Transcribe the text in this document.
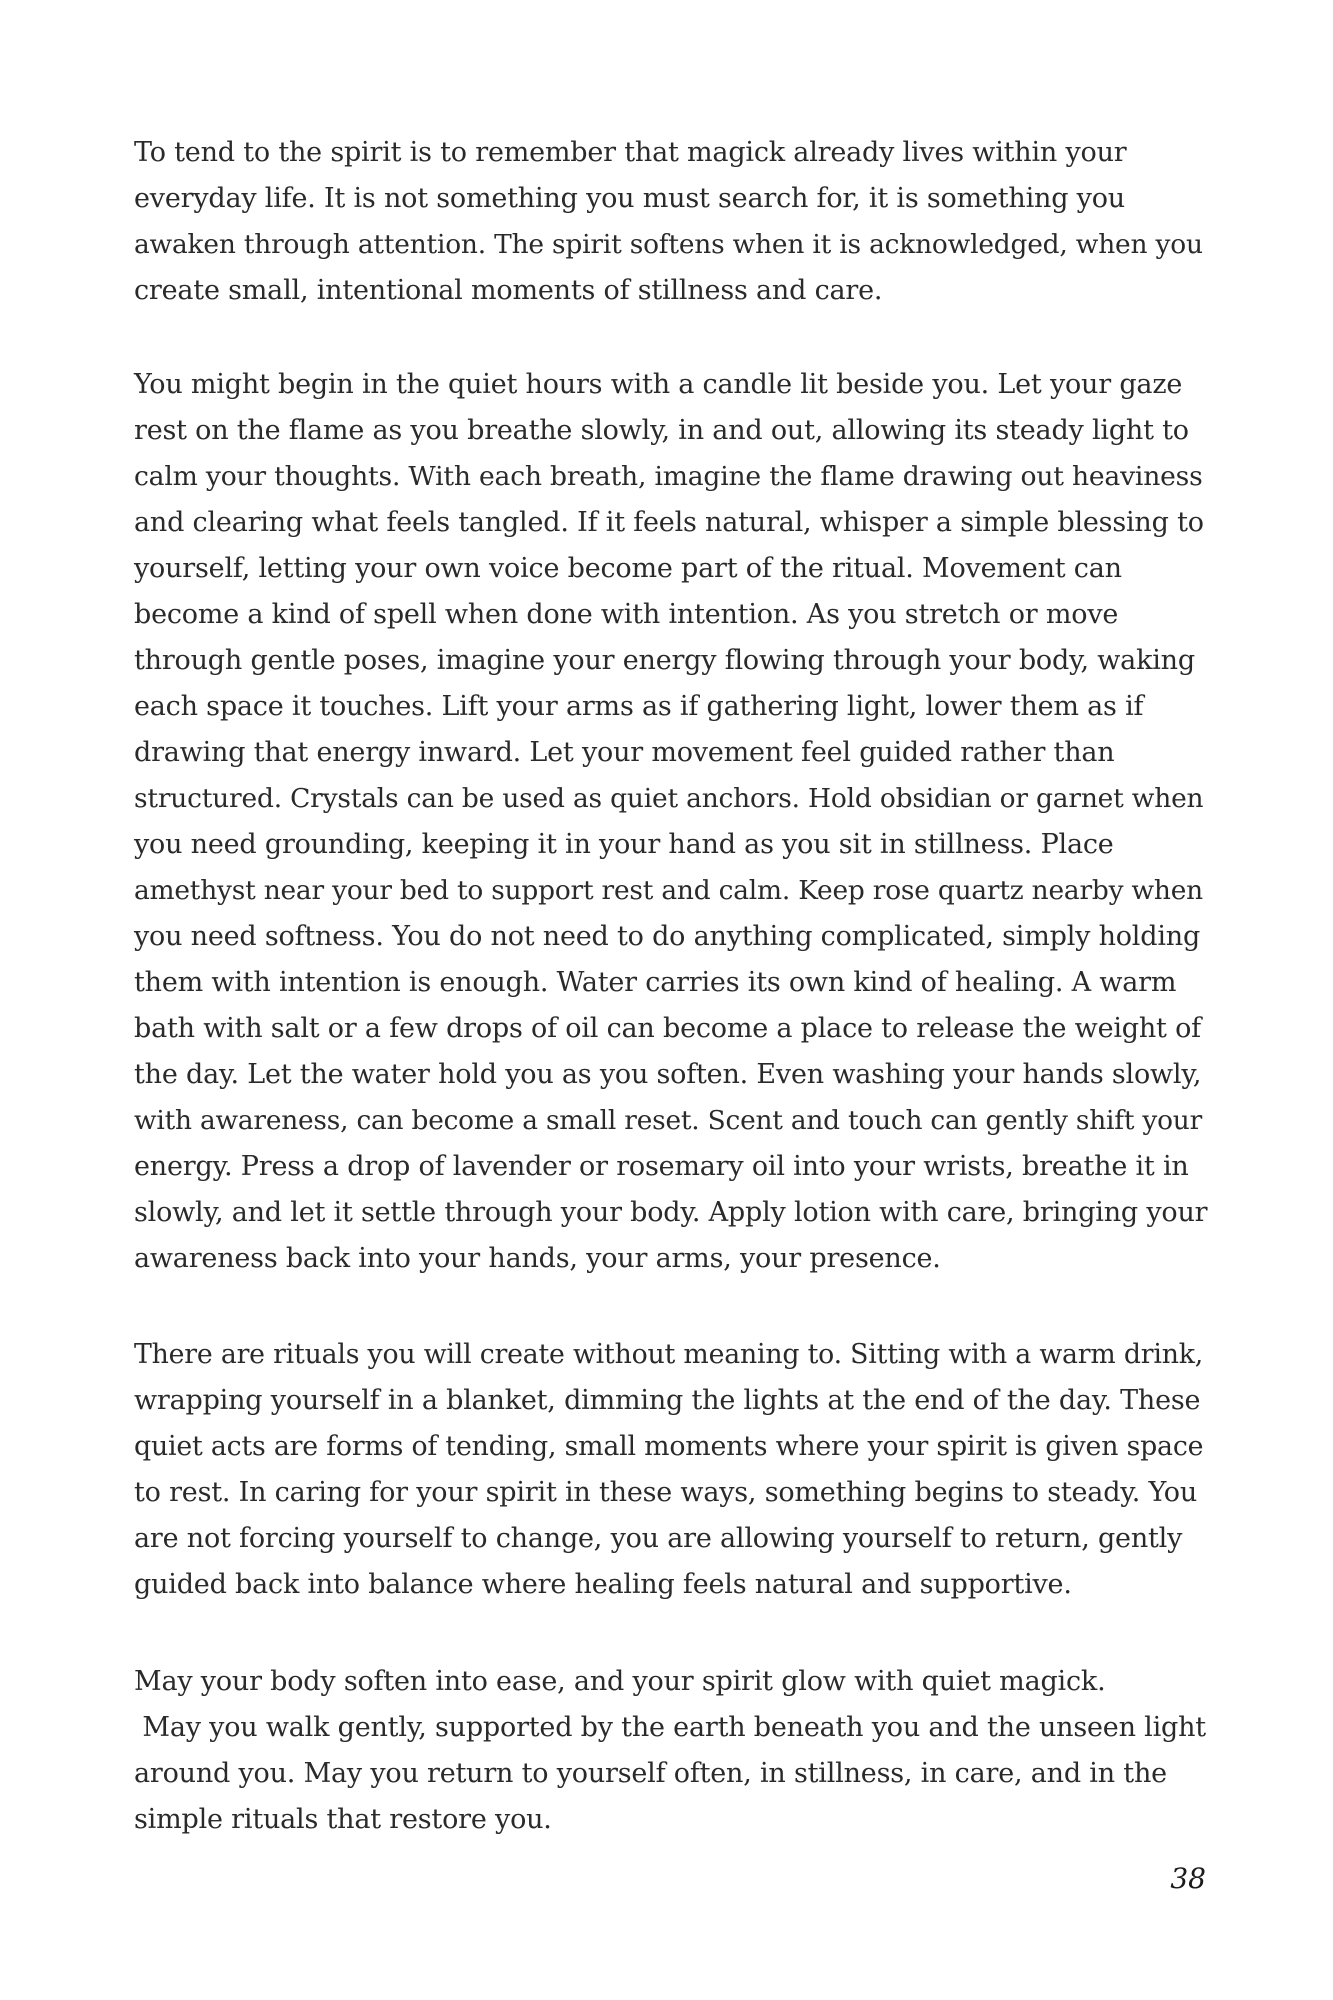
To tend to the spirit is to remember that magick already lives within your
everyday life. It is not something you must search for, it is something you
awaken through attention. The spirit softens when it is acknowledged, when you
create small, intentional moments of stillness and care.
You might begin in the quiet hours with a candle lit beside you. Let your gaze
rest on the flame as you breathe slowly, in and out, allowing its steady light to
calm your thoughts. With each breath, imagine the flame drawing out heaviness
and clearing what feels tangled. If it feels natural, whisper a simple blessing to
yourself, letting your own voice become part of the ritual. Movement can
become a kind of spell when done with intention. As you stretch or move
through gentle poses, imagine your energy flowing through your body, waking
each space it touches. Lift your arms as if gathering light, lower them as if
drawing that energy inward. Let your movement feel guided rather than
structured. Crystals can be used as quiet anchors. Hold obsidian or garnet when
you need grounding, keeping it in your hand as you sit in stillness. Place
amethyst near your bed to support rest and calm. Keep rose quartz nearby when
you need softness. You do not need to do anything complicated, simply holding
them with intention is enough. Water carries its own kind of healing. A warm
bath with salt or a few drops of oil can become a place to release the weight of
the day. Let the water hold you as you soften. Even washing your hands slowly,
with awareness, can become a small reset. Scent and touch can gently shift your
energy. Press a drop of lavender or rosemary oil into your wrists, breathe it in
slowly, and let it settle through your body. Apply lotion with care, bringing your
awareness back into your hands, your arms, your presence.
There are rituals you will create without meaning to. Sitting with a warm drink,
wrapping yourself in a blanket, dimming the lights at the end of the day. These
quiet acts are forms of tending, small moments where your spirit is given space
to rest. In caring for your spirit in these ways, something begins to steady. You
are not forcing yourself to change, you are allowing yourself to return, gently
guided back into balance where healing feels natural and supportive.
May your body soften into ease, and your spirit glow with quiet magick.
May you walk gently, supported by the earth beneath you and the unseen light
around you. May you return to yourself often, in stillness, in care, and in the
simple rituals that restore you.
38
